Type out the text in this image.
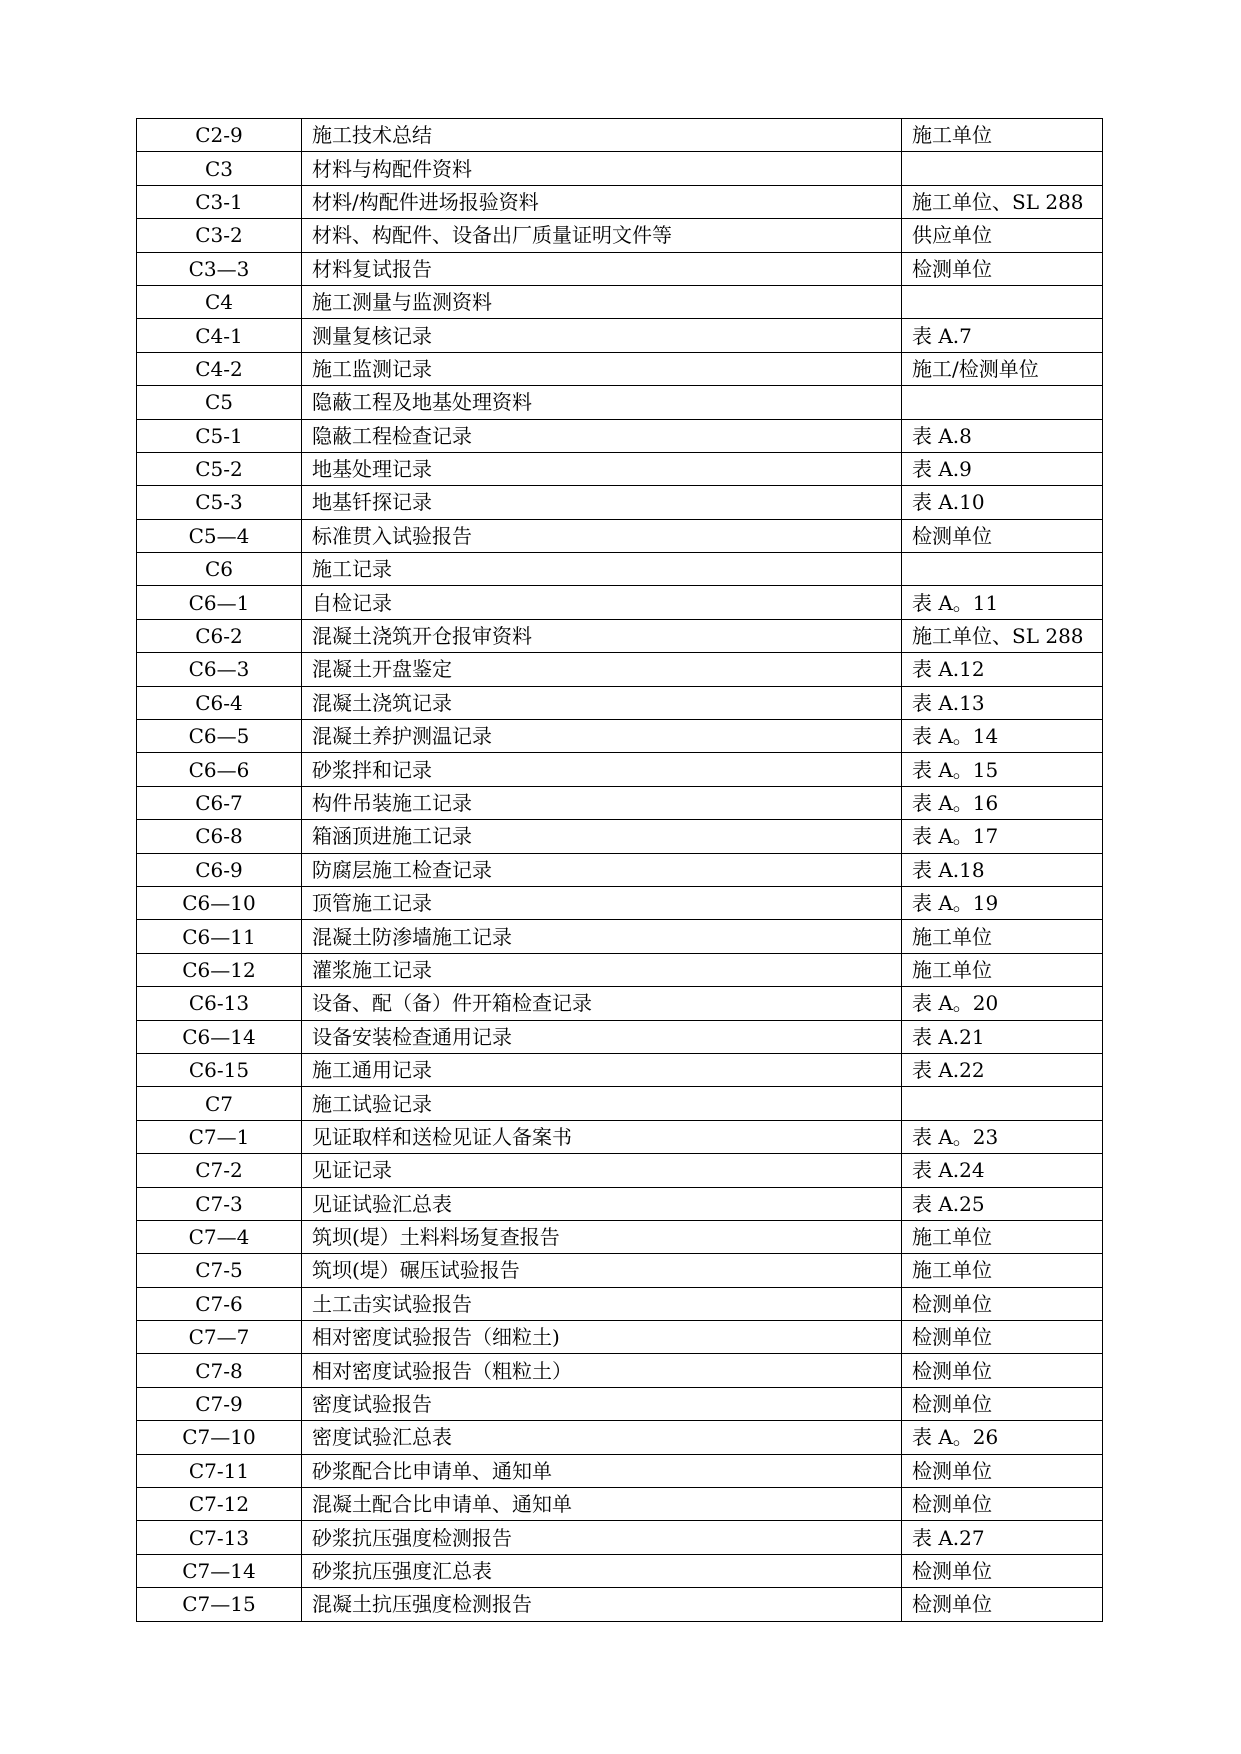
C2-9	施工技术总结	施工单位
C3	材料与构配件资料	
C3-1	材料/构配件进场报验资料	施工单位、SL 288
C3-2	材料、构配件、设备出厂质量证明文件等	供应单位
C3—3	材料复试报告	检测单位
C4	施工测量与监测资料	
C4-1	测量复核记录	表 A.7
C4-2	施工监测记录	施工/检测单位
C5	隐蔽工程及地基处理资料	
C5-1	隐蔽工程检查记录	表 A.8
C5-2	地基处理记录	表 A.9
C5-3	地基钎探记录	表 A.10
C5—4	标准贯入试验报告	检测单位
C6	施工记录	
C6—1	自检记录	表 A。11
C6-2	混凝土浇筑开仓报审资料	施工单位、SL 288
C6—3	混凝土开盘鉴定	表 A.12
C6-4	混凝土浇筑记录	表 A.13
C6—5	混凝土养护测温记录	表 A。14
C6—6	砂浆拌和记录	表 A。15
C6-7	构件吊装施工记录	表 A。16
C6-8	箱涵顶进施工记录	表 A。17
C6-9	防腐层施工检查记录	表 A.18
C6—10	顶管施工记录	表 A。19
C6—11	混凝土防渗墙施工记录	施工单位
C6—12	灌浆施工记录	施工单位
C6-13	设备、配（备）件开箱检查记录	表 A。20
C6—14	设备安装检查通用记录	表 A.21
C6-15	施工通用记录	表 A.22
C7	施工试验记录	
C7—1	见证取样和送检见证人备案书	表 A。23
C7-2	见证记录	表 A.24
C7-3	见证试验汇总表	表 A.25
C7—4	筑坝(堤）土料料场复查报告	施工单位
C7-5	筑坝(堤）碾压试验报告	施工单位
C7-6	土工击实试验报告	检测单位
C7—7	相对密度试验报告（细粒土)	检测单位
C7-8	相对密度试验报告（粗粒土）	检测单位
C7-9	密度试验报告	检测单位
C7—10	密度试验汇总表	表 A。26
C7-11	砂浆配合比申请单、通知单	检测单位
C7-12	混凝土配合比申请单、通知单	检测单位
C7-13	砂浆抗压强度检测报告	表 A.27
C7—14	砂浆抗压强度汇总表	检测单位
C7—15	混凝土抗压强度检测报告	检测单位
